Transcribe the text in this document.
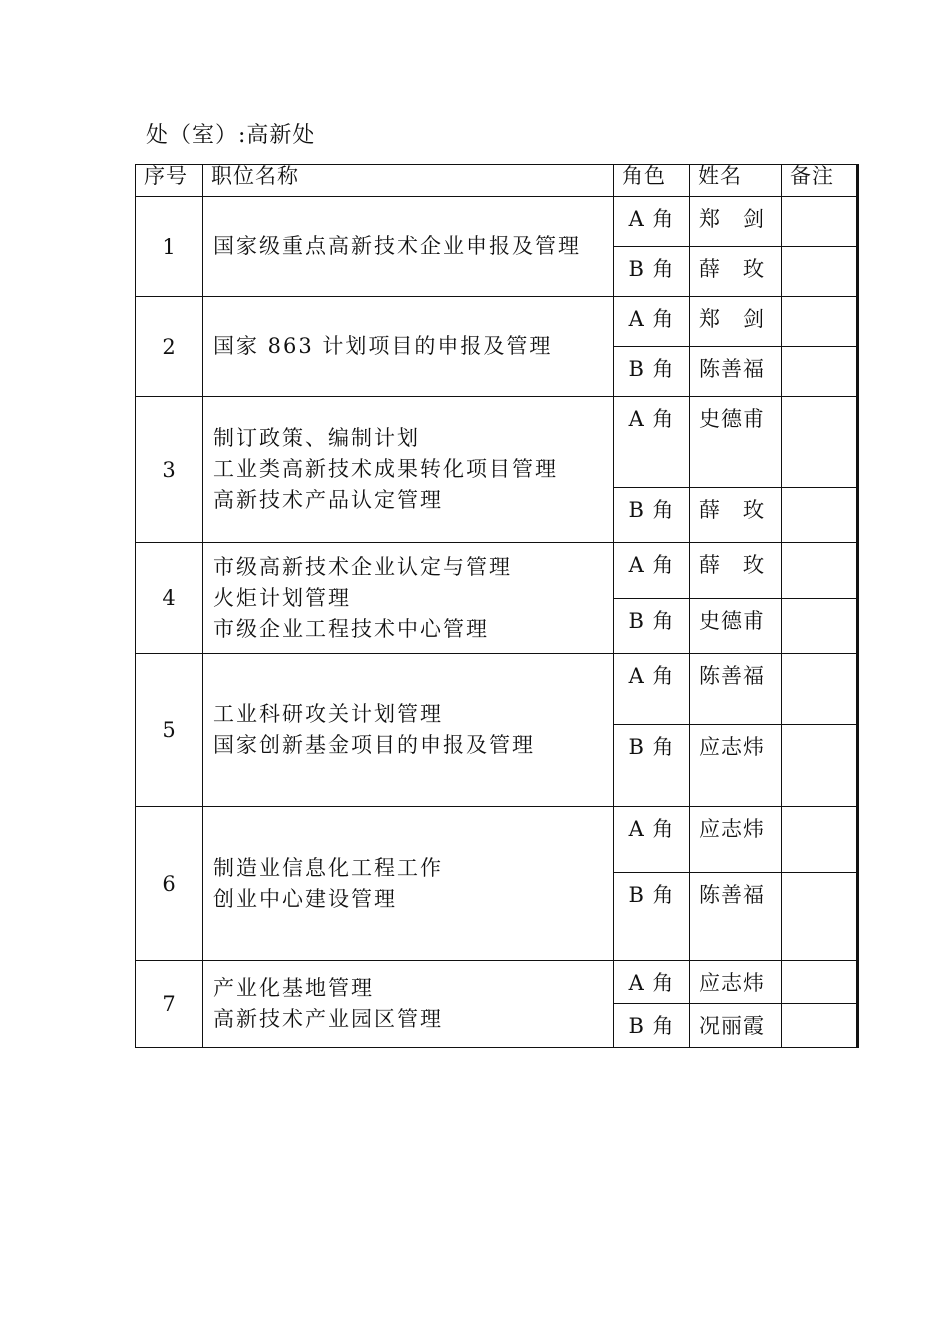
处（室）:高新处
序号	职位名称	角色	姓名	备注
1	国家级重点高新技术企业申报及管理	A 角	郑　剑	
		B 角	薛　玫	
2	国家 863 计划项目的申报及管理	A 角	郑　剑	
		B 角	陈善福	
3	制订政策、编制计划
工业类高新技术成果转化项目管理
高新技术产品认定管理	A 角	史德甫	
		B 角	薛　玫	
4	市级高新技术企业认定与管理
火炬计划管理
市级企业工程技术中心管理	A 角	薛　玫	
		B 角	史德甫	
5	工业科研攻关计划管理
国家创新基金项目的申报及管理	A 角	陈善福	
		B 角	应志炜	
6	制造业信息化工程工作
创业中心建设管理	A 角	应志炜	
		B 角	陈善福	
7	产业化基地管理
高新技术产业园区管理	A 角	应志炜	
		B 角	况丽霞	
